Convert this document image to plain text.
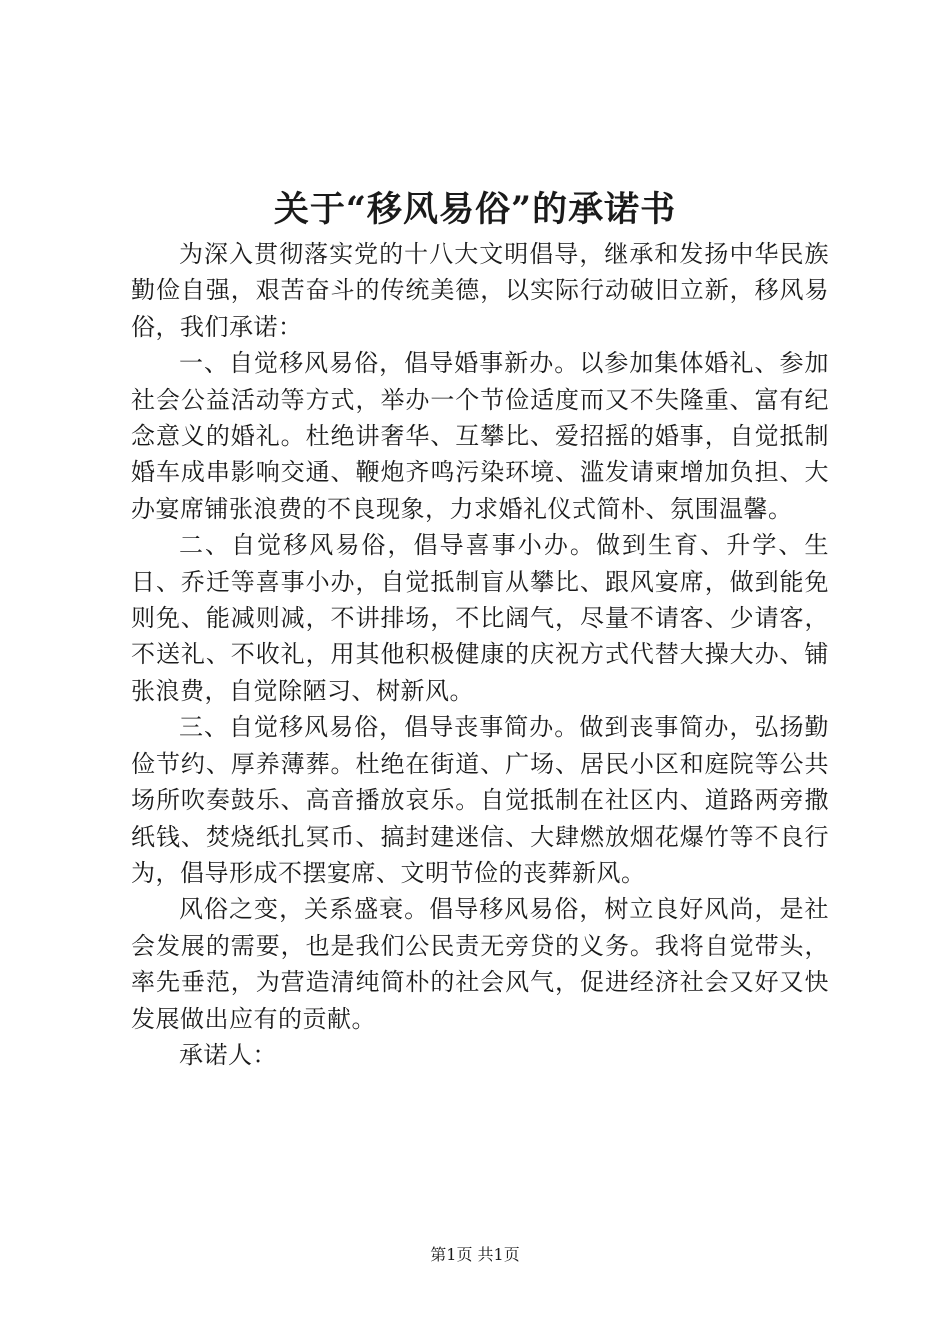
关于“移风易俗”的承诺书

为深入贯彻落实党的十八大文明倡导，继承和发扬中华民族勤俭自强，艰苦奋斗的传统美德，以实际行动破旧立新，移风易俗，我们承诺：

一、自觉移风易俗，倡导婚事新办。以参加集体婚礼、参加社会公益活动等方式，举办一个节俭适度而又不失隆重、富有纪念意义的婚礼。杜绝讲奢华、互攀比、爱招摇的婚事，自觉抵制婚车成串影响交通、鞭炮齐鸣污染环境、滥发请柬增加负担、大办宴席铺张浪费的不良现象，力求婚礼仪式简朴、氛围温馨。

二、自觉移风易俗，倡导喜事小办。做到生育、升学、生日、乔迁等喜事小办，自觉抵制盲从攀比、跟风宴席，做到能免则免、能减则减，不讲排场，不比阔气，尽量不请客、少请客，不送礼、不收礼，用其他积极健康的庆祝方式代替大操大办、铺张浪费，自觉除陋习、树新风。

三、自觉移风易俗，倡导丧事简办。做到丧事简办，弘扬勤俭节约、厚养薄葬。杜绝在街道、广场、居民小区和庭院等公共场所吹奏鼓乐、高音播放哀乐。自觉抵制在社区内、道路两旁撒纸钱、焚烧纸扎冥币、搞封建迷信、大肆燃放烟花爆竹等不良行为，倡导形成不摆宴席、文明节俭的丧葬新风。

风俗之变，关系盛衰。倡导移风易俗，树立良好风尚，是社会发展的需要，也是我们公民责无旁贷的义务。我将自觉带头，率先垂范，为营造清纯简朴的社会风气，促进经济社会又好又快发展做出应有的贡献。

承诺人：

第1页 共1页
